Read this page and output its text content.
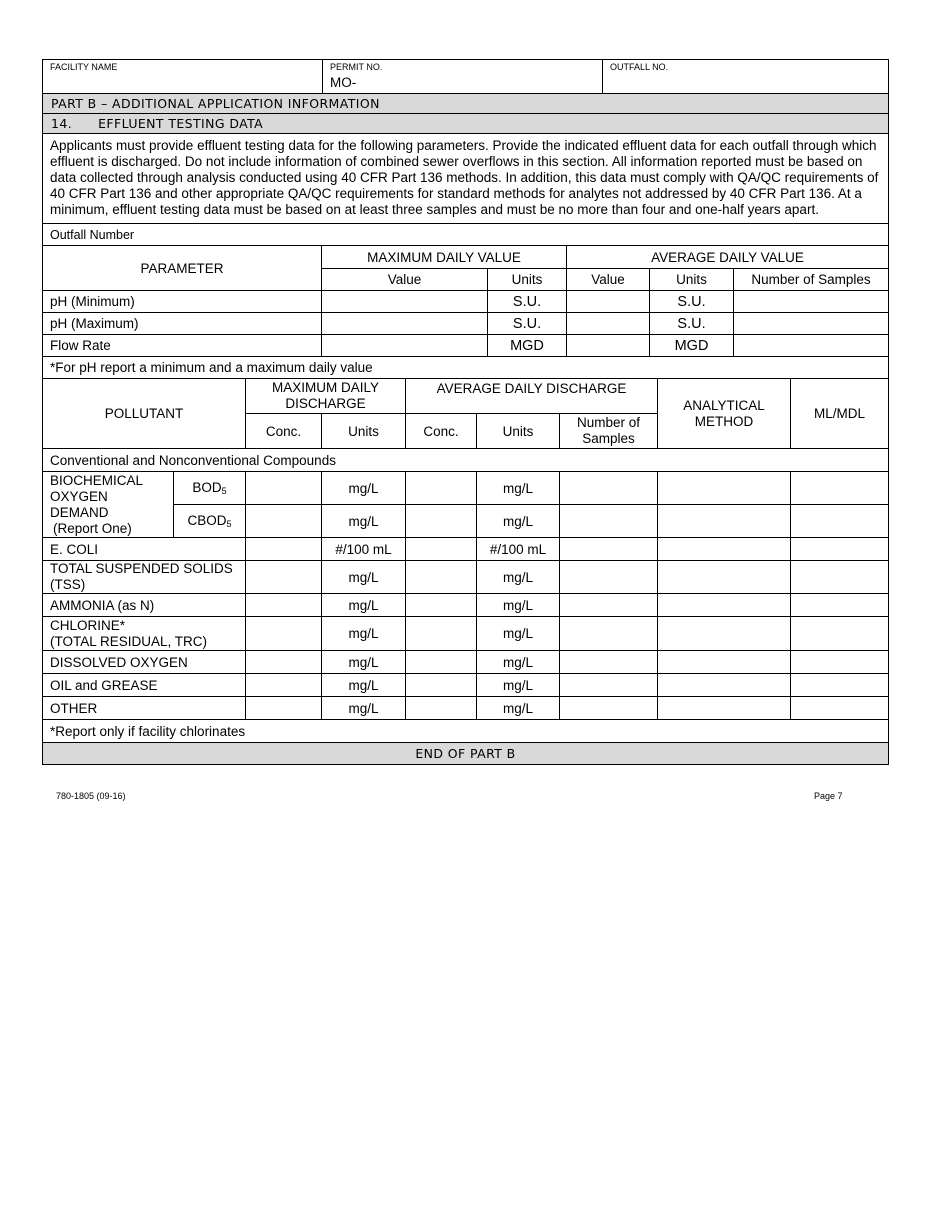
FACILITY NAME	PERMIT NO.
MO-

OUTFALL NO.

PART B – ADDITIONAL APPLICATION INFORMATION
14. EFFLUENT TESTING DATA
Applicants must provide effluent testing data for the following parameters. Provide the indicated effluent data for each outfall through which effluent is discharged. Do not include information of combined sewer overflows in this section. All information reported must be based on data collected through analysis conducted using 40 CFR Part 136 methods. In addition, this data must comply with QA/QC requirements of 40 CFR Part 136 and other appropriate QA/QC requirements for standard methods for analytes not addressed by 40 CFR Part 136. At a minimum, effluent testing data must be based on at least three samples and must be no more than four and one-half years apart.
Outfall Number
PARAMETER	MAXIMUM DAILY VALUE		AVERAGE DAILY VALUE		
	Value	Units	Value	Units	Number of Samples
pH (Minimum)		S.U.		S.U.	
pH (Maximum)		S.U.		S.U.	
Flow Rate		MGD		MGD	
*For pH report a minimum and a maximum daily value					
POLLUTANT		MAXIMUM DAILY DISCHARGE		AVERAGE DAILY DISCHARGE			ANALYTICAL METHOD	ML/MDL
		Conc.	Units	Conc.	Units	Number of Samples		
Conventional and Nonconventional Compounds								
BIOCHEMICAL OXYGEN DEMAND
(Report One)	$BOD_5$		mg/L		mg/L			
	$CBOD_5$		mg/L		mg/L			
E. COLI			#/100 mL		#/100 mL			
TOTAL SUSPENDED SOLIDS (TSS)			mg/L		mg/L			
AMMONIA (as N)			mg/L		mg/L			
CHLORINE*
(TOTAL RESIDUAL, TRC)			mg/L		mg/L			
DISSOLVED OXYGEN			mg/L		mg/L			
OIL and GREASE			mg/L		mg/L			
OTHER			mg/L		mg/L			
*Report only if facility chlorinates								
END OF PART B								
780-1805 (09-16)	Page 7
